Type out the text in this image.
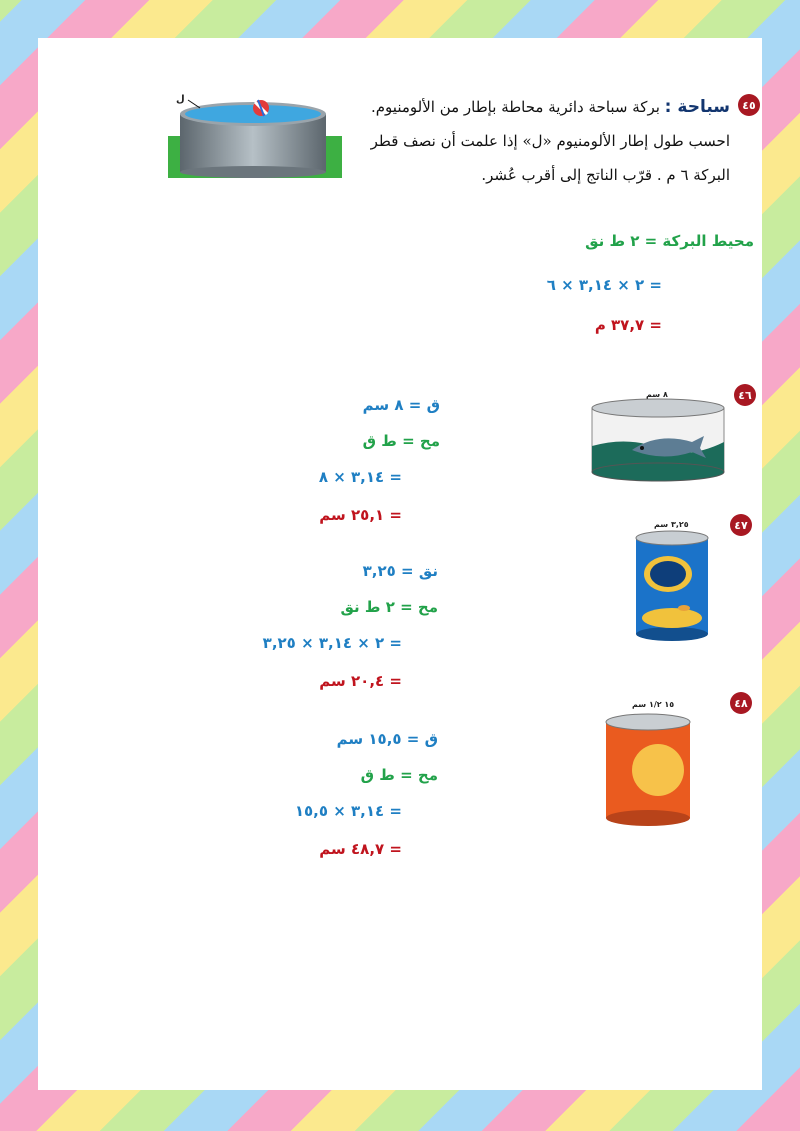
٤٥
سباحة : بركة سباحة دائرية محاطة بإطار من الألومنيوم.
احسب طول إطار الألومنيوم «ل» إذا علمت أن نصف قطر
البركة ٦ م . قرّب الناتج إلى أقرب عُشر.
ل
محيط البركة = ٢ ط نق
= ٢ × ٣,١٤ × ٦
= ٣٧,٧ م
٤٦
٨ سم
ق = ٨ سم
مح = ط ق
= ٣,١٤ × ٨
= ٢٥,١ سم
٤٧
٣,٢٥ سم
نق = ٣,٢٥
مح = ٢ ط نق
= ٢ × ٣,١٤ × ٣,٢٥
= ٢٠,٤ سم
٤٨
١٥ ١/٢ سم
ق = ١٥,٥ سم
مح = ط ق
= ٣,١٤ × ١٥,٥
= ٤٨,٧ سم
